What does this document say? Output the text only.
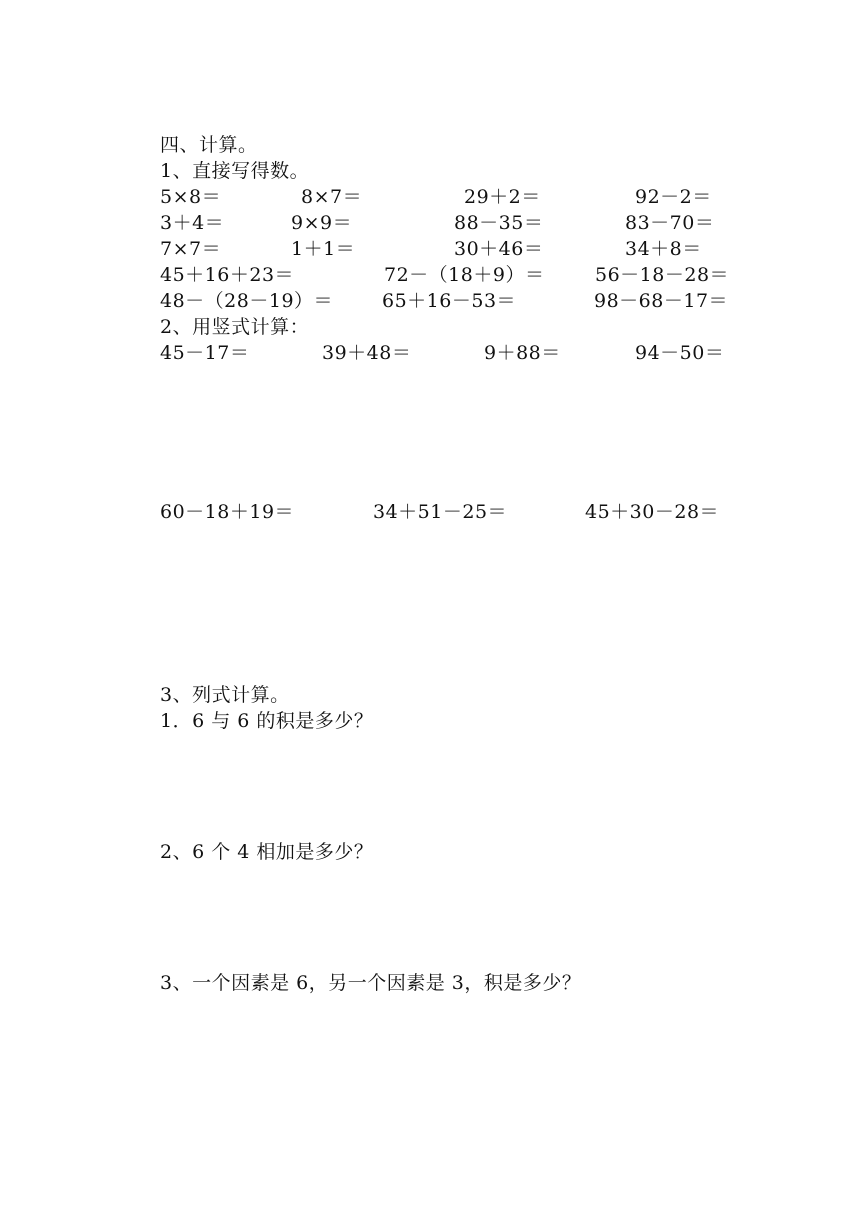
四、计算。
1、直接写得数。
5×8＝	8×7＝	29＋2＝	92－2＝
3＋4＝	9×9＝	88－35＝	83－70＝
7×7＝	1＋1＝	30＋46＝	34＋8＝
45＋16＋23＝	72－（18＋9）＝	56－18－28＝
48－（28－19）＝	65＋16－53＝	98－68－17＝
2、用竖式计算：
45－17＝	39＋48＝	9＋88＝	94－50＝
60－18＋19＝	34＋51－25＝	45＋30－28＝
3、列式计算。
1．6 与 6 的积是多少？
2、6 个 4 相加是多少？
3、一个因素是 6，另一个因素是 3，积是多少？
